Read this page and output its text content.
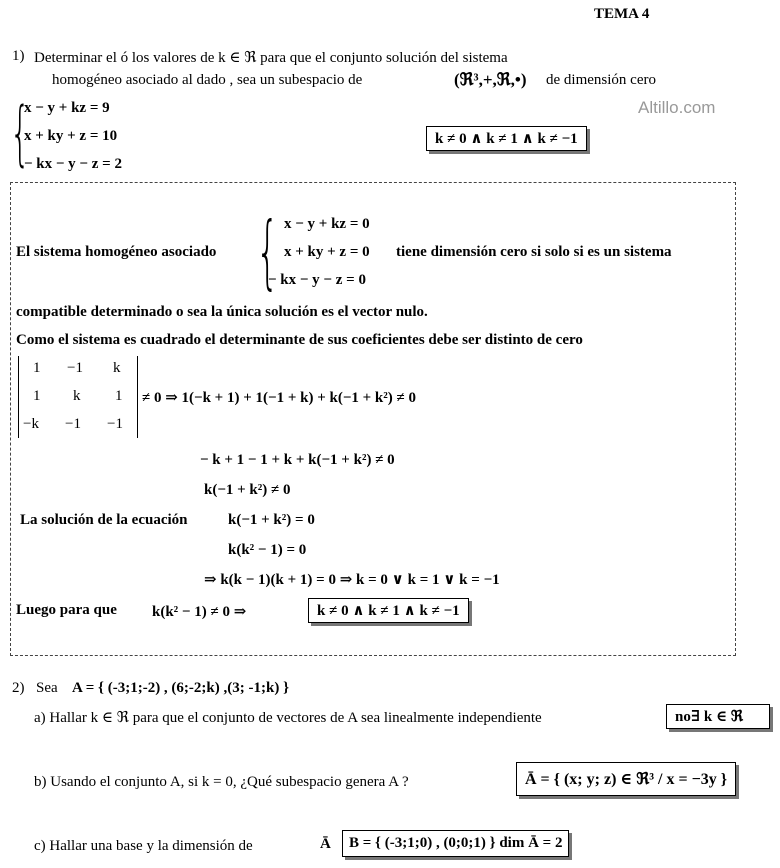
TEMA 4
1) Determinar el ó los valores de k ∈ ℜ para que el conjunto solución del sistema
homogéneo asociado al dado , sea un subespacio de	(ℜ³,+,ℜ,•) de dimensión cero
Altillo.com
{
x − y + kz = 9
x + ky + z = 10
− kx − y − z = 2
k ≠ 0 ∧ k ≠ 1 ∧ k ≠ −1
El sistema homogéneo asociado { x − y + kz = 0
x + ky + z = 0
− kx − y − z = 0
tiene dimensión cero si solo si es un sistema
compatible determinado o sea la única solución es el vector nulo.
Como el sistema es cuadrado el determinante de sus coeficientes debe ser distinto de cero
1 −1 k
1 k 1
−k −1 −1
≠ 0 ⇒ 1(−k + 1) + 1(−1 + k) + k(−1 + k²) ≠ 0
− k + 1 − 1 + k + k(−1 + k²) ≠ 0
k(−1 + k²) ≠ 0
La solución de la ecuación	k(−1 + k²) = 0
k(k² − 1) = 0
⇒ k(k − 1)(k + 1) = 0 ⇒ k = 0 ∨ k = 1 ∨ k = −1
Luego para que k(k² − 1) ≠ 0 ⇒	k ≠ 0 ∧ k ≠ 1 ∧ k ≠ −1
2) Sea A = { (-3;1;-2) , (6;-2;k) ,(3; -1;k) }
a) Hallar k ∈ ℜ para que el conjunto de vectores de A sea linealmente independiente	no∃ k ∈ ℜ
b) Usando el conjunto A, si k = 0, ¿Qué subespacio genera A ?	Ā = { (x; y; z) ∈ ℜ³ / x = −3y }
c) Hallar una base y la dimensión de	Ā	B = { (-3;1;0) , (0;0;1) } dim Ā = 2
